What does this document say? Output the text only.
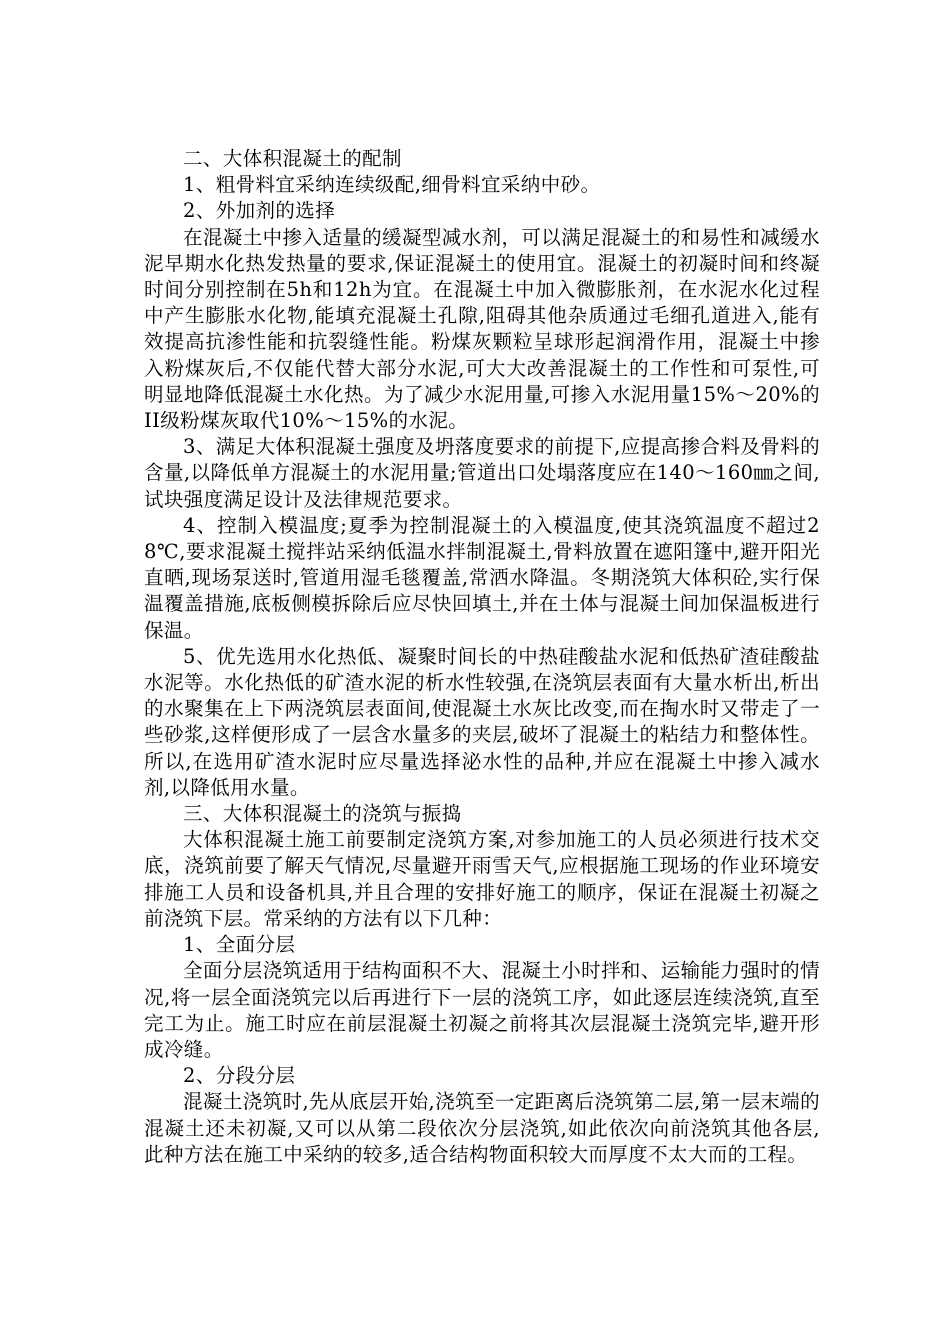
二、大体积混凝土的配制

1、粗骨料宜采纳连续级配,细骨料宜采纳中砂。

2、外加剂的选择

在混凝土中掺入适量的缓凝型减水剂，可以满足混凝土的和易性和减缓水泥早期水化热发热量的要求,保证混凝土的使用宜。混凝土的初凝时间和终凝时间分别控制在5h和12h为宜。在混凝土中加入微膨胀剂，在水泥水化过程中产生膨胀水化物,能填充混凝土孔隙,阻碍其他杂质通过毛细孔道进入,能有效提高抗渗性能和抗裂缝性能。粉煤灰颗粒呈球形起润滑作用，混凝土中掺入粉煤灰后,不仅能代替大部分水泥,可大大改善混凝土的工作性和可泵性,可明显地降低混凝土水化热。为了减少水泥用量,可掺入水泥用量15%～20%的II级粉煤灰取代10%～15%的水泥。

3、满足大体积混凝土强度及坍落度要求的前提下,应提高掺合料及骨料的含量,以降低单方混凝土的水泥用量;管道出口处塌落度应在140～160㎜之间,试块强度满足设计及法律规范要求。

4、控制入模温度;夏季为控制混凝土的入模温度,使其浇筑温度不超过28℃,要求混凝土搅拌站采纳低温水拌制混凝土,骨料放置在遮阳篷中,避开阳光直晒,现场泵送时,管道用湿毛毯覆盖,常洒水降温。冬期浇筑大体积砼,实行保温覆盖措施,底板侧模拆除后应尽快回填土,并在土体与混凝土间加保温板进行保温。

5、优先选用水化热低、凝聚时间长的中热硅酸盐水泥和低热矿渣硅酸盐水泥等。水化热低的矿渣水泥的析水性较强,在浇筑层表面有大量水析出,析出的水聚集在上下两浇筑层表面间,使混凝土水灰比改变,而在掏水时又带走了一些砂浆,这样便形成了一层含水量多的夹层,破坏了混凝土的粘结力和整体性。所以,在选用矿渣水泥时应尽量选择泌水性的品种,并应在混凝土中掺入减水剂,以降低用水量。

三、大体积混凝土的浇筑与振捣

大体积混凝土施工前要制定浇筑方案,对参加施工的人员必须进行技术交底，浇筑前要了解天气情况,尽量避开雨雪天气,应根据施工现场的作业环境安排施工人员和设备机具,并且合理的安排好施工的顺序，保证在混凝土初凝之前浇筑下层。常采纳的方法有以下几种：

1、全面分层

全面分层浇筑适用于结构面积不大、混凝土小时拌和、运输能力强时的情况,将一层全面浇筑完以后再进行下一层的浇筑工序，如此逐层连续浇筑,直至完工为止。施工时应在前层混凝土初凝之前将其次层混凝土浇筑完毕,避开形成冷缝。

2、分段分层

混凝土浇筑时,先从底层开始,浇筑至一定距离后浇筑第二层,第一层末端的混凝土还未初凝,又可以从第二段依次分层浇筑,如此依次向前浇筑其他各层,此种方法在施工中采纳的较多,适合结构物面积较大而厚度不太大而的工程。
